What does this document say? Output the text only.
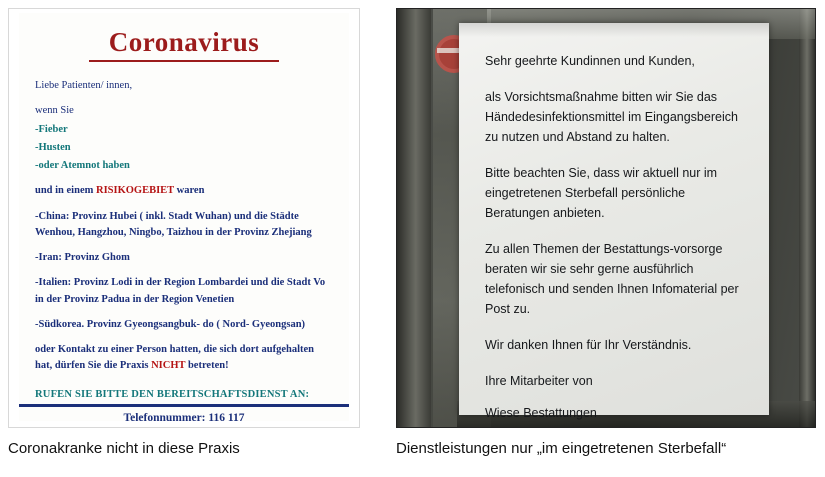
Coronavirus

Liebe Patienten/ innen,

wenn Sie

-Fieber

-Husten

-oder Atemnot haben

und in einem RISIKOGEBIET waren

-China: Provinz Hubei ( inkl. Stadt Wuhan) und die Städte Wenhou, Hangzhou, Ningbo, Taizhou in der Provinz Zhejiang

-Iran: Provinz Ghom

-Italien: Provinz Lodi in der Region Lombardei und die Stadt Vo in der Provinz Padua in der Region Venetien

-Südkorea. Provinz Gyeongsangbuk- do ( Nord- Gyeongsan)

oder Kontakt zu einer Person hatten, die sich dort aufgehalten hat, dürfen Sie die Praxis NICHT betreten!

RUFEN SIE BITTE DEN BEREITSCHAFTSDIENST AN:
Telefonnummer: 116 117
Coronakranke nicht in diese Praxis

Sehr geehrte Kundinnen und Kunden,

als Vorsichtsmaßnahme bitten wir Sie das Händedesinfektionsmittel im Eingangsbereich zu nutzen und Abstand zu halten.

Bitte beachten Sie, dass wir aktuell nur im eingetretenen Sterbefall persönliche Beratungen anbieten.

Zu allen Themen der Bestattungs-vorsorge beraten wir sie sehr gerne ausführlich telefonisch und senden Ihnen Infomaterial per Post zu.

Wir danken Ihnen für Ihr Verständnis.

Ihre Mitarbeiter von

Wiese Bestattungen

Dienstleistungen nur „im eingetretenen Sterbefall“
